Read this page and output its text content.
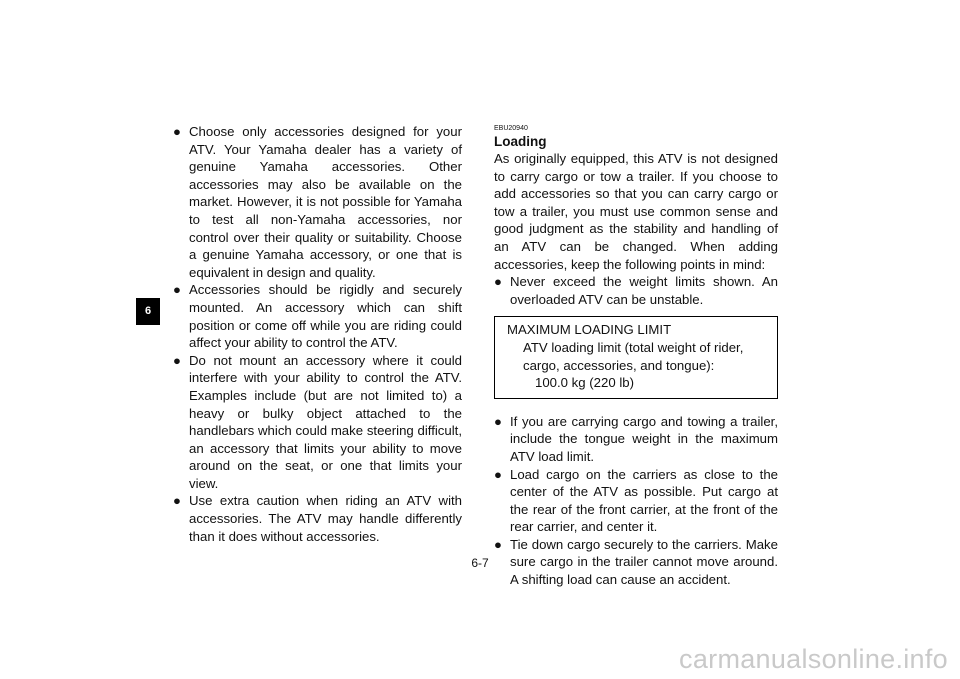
6
● Choose only accessories designed for your ATV. Your Yamaha dealer has a variety of genuine Yamaha accessories. Other accessories may also be available on the market. However, it is not possible for Yamaha to test all non-Yamaha accessories, nor control over their quality or suitability. Choose a genuine Yamaha accessory, or one that is equivalent in design and quality.
● Accessories should be rigidly and securely mounted. An accessory which can shift position or come off while you are riding could affect your ability to control the ATV.
● Do not mount an accessory where it could interfere with your ability to control the ATV. Examples include (but are not limited to) a heavy or bulky object attached to the handlebars which could make steering difficult, an accessory that limits your ability to move around on the seat, or one that limits your view.
● Use extra caution when riding an ATV with accessories. The ATV may handle differently than it does without accessories.
EBU20940
Loading
As originally equipped, this ATV is not designed to carry cargo or tow a trailer. If you choose to add accessories so that you can carry cargo or tow a trailer, you must use common sense and good judgment as the stability and handling of an ATV can be changed. When adding accessories, keep the following points in mind:
● Never exceed the weight limits shown. An overloaded ATV can be unstable.
MAXIMUM LOADING LIMIT
ATV loading limit (total weight of rider, cargo, accessories, and tongue):
100.0 kg (220 lb)
● If you are carrying cargo and towing a trailer, include the tongue weight in the maximum ATV load limit.
● Load cargo on the carriers as close to the center of the ATV as possible. Put cargo at the rear of the front carrier, at the front of the rear carrier, and center it.
● Tie down cargo securely to the carriers. Make sure cargo in the trailer cannot move around. A shifting load can cause an accident.
6-7
carmanualsonline.info
